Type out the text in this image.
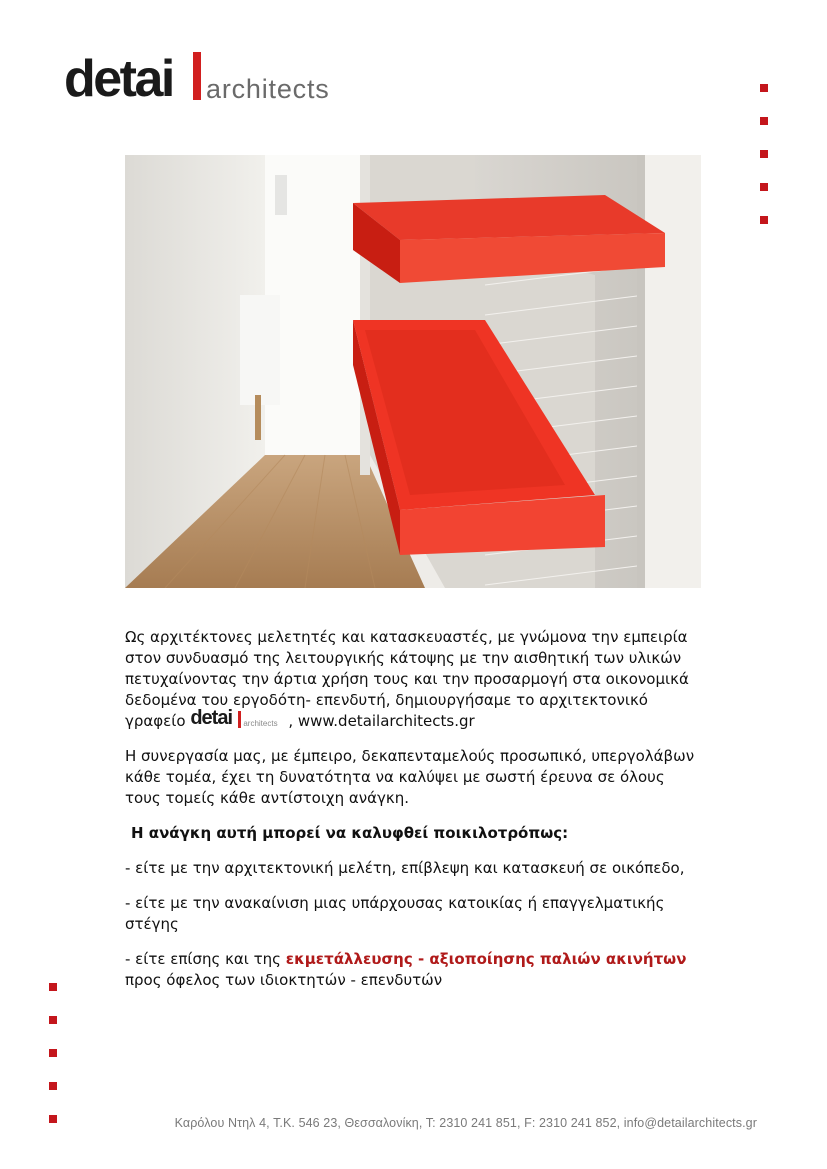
detai architects

Ως αρχιτέκτονες μελετητές και κατασκευαστές, με γνώμονα την εμπειρία
στον συνδυασμό της λειτουργικής κάτοψης με την αισθητική των υλικών
πετυχαίνοντας την άρτια χρήση τους και την προσαρμογή στα οικονομικά
δεδομένα του εργοδότη- επενδυτή, δημιουργήσαμε το αρχιτεκτονικό
γραφείο detai architects , www.detailarchitects.gr

Η συνεργασία μας, με έμπειρο, δεκαπενταμελούς προσωπικό, υπεργολάβων
κάθε τομέα, έχει τη δυνατότητα να καλύψει με σωστή έρευνα σε όλους
τους τομείς κάθε αντίστοιχη ανάγκη.

Η ανάγκη αυτή μπορεί να καλυφθεί ποικιλοτρόπως:

- είτε με την αρχιτεκτονική μελέτη, επίβλεψη και κατασκευή σε οικόπεδο,

- είτε με την ανακαίνιση μιας υπάρχουσας κατοικίας ή επαγγελματικής
στέγης

- είτε επίσης και της εκμετάλλευσης - αξιοποίησης παλιών ακινήτων
προς όφελος των ιδιοκτητών - επενδυτών

Καρόλου Ντηλ 4, Τ.Κ. 546 23, Θεσσαλονίκη, Τ: 2310 241 851, F: 2310 241 852, info@detailarchitects.gr
